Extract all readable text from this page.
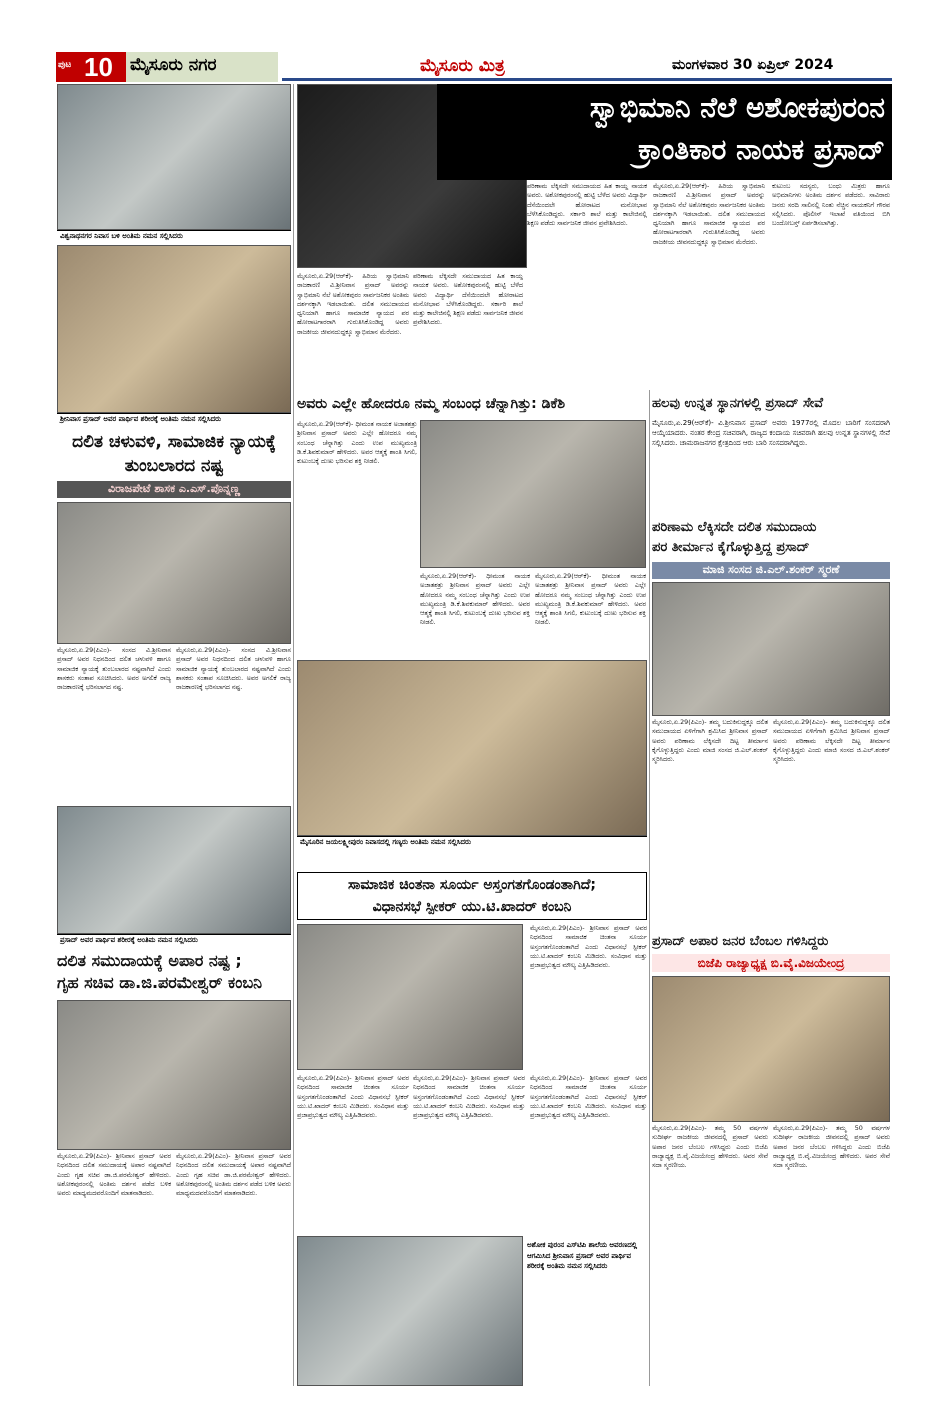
ಪುಟ 10 ಮೈಸೂರು ನಗರ	ಮೈಸೂರು ಮಿತ್ರ	ಮಂಗಳವಾರ 30 ಏಪ್ರಿಲ್ 2024
ಸ್ವಾಭಿಮಾನಿ ನೆಲೆ ಅಶೋಕಪುರಂನ
ಕ್ರಾಂತಿಕಾರ ನಾಯಕ ಪ್ರಸಾದ್
ಪರಿಣಾಮ ಲೆಕ್ಕಿಸದೇ ಸಮುದಾಯದ ಹಿತ ಕಾಯ್ದ ನಾಯಕ ಅವರು. ಅಶೋಕಪುರಂನಲ್ಲಿ ಹುಟ್ಟಿ ಬೆಳೆದ ಅವರು ವಿದ್ಯಾರ್ಥಿ ದೆಸೆಯಿಂದಲೇ ಹೋರಾಟದ ಮನೋಭಾವ ಬೆಳೆಸಿಕೊಂಡಿದ್ದರು. ಸರ್ಕಾರಿ ಶಾಲೆ ಮತ್ತು ಕಾಲೇಜಿನಲ್ಲಿ ಶಿಕ್ಷಣ ಪಡೆದು ಸಾರ್ವಜನಿಕ ಜೀವನ ಪ್ರವೇಶಿಸಿದರು.
ಮೈಸೂರು,ಏ.29(ಆರ್‌ಕೆ)- ಹಿರಿಯ ಸ್ವಾಭಿಮಾನಿ ರಾಜಕಾರಣಿ ವಿ.ಶ್ರೀನಿವಾಸ ಪ್ರಸಾದ್ ಅವರನ್ನು ಸ್ವಾಭಿಮಾನಿ ನೆಲೆ ಅಶೋಕಪುರಂ ಸಾರ್ವಜನಿಕರ ಅಂತಿಮ ದರ್ಶನಕ್ಕಾಗಿ ಇಡಲಾಯಿತು. ದಲಿತ ಸಮುದಾಯದ ಧ್ವನಿಯಾಗಿ ಹಾಗೂ ಸಾಮಾಜಿಕ ನ್ಯಾಯದ ಪರ ಹೋರಾಟಗಾರರಾಗಿ ಗುರುತಿಸಿಕೊಂಡಿದ್ದ ಅವರು ರಾಜಕೀಯ ಜೀವನದುದ್ದಕ್ಕೂ ಸ್ವಾಭಿಮಾನ ಮೆರೆದರು.
ಕುಟುಂಬ ಸದಸ್ಯರು, ಬಂಧು ಮಿತ್ರರು ಹಾಗೂ ಅಭಿಮಾನಿಗಳು ಅಂತಿಮ ದರ್ಶನ ಪಡೆದರು. ಸಾವಿರಾರು ಜನರು ಸರದಿ ಸಾಲಿನಲ್ಲಿ ನಿಂತು ನೆಚ್ಚಿನ ನಾಯಕನಿಗೆ ಗೌರವ ಸಲ್ಲಿಸಿದರು. ಪೊಲೀಸ್ ಇಲಾಖೆ ವತಿಯಿಂದ ಬಿಗಿ ಬಂದೋಬಸ್ತ್ ಏರ್ಪಡಿಸಲಾಗಿತ್ತು.
ಮೈಸೂರು,ಏ.29(ಆರ್‌ಕೆ)- ಹಿರಿಯ ಸ್ವಾಭಿಮಾನಿ ರಾಜಕಾರಣಿ ವಿ.ಶ್ರೀನಿವಾಸ ಪ್ರಸಾದ್ ಅವರನ್ನು ಸ್ವಾಭಿಮಾನಿ ನೆಲೆ ಅಶೋಕಪುರಂ ಸಾರ್ವಜನಿಕರ ಅಂತಿಮ ದರ್ಶನಕ್ಕಾಗಿ ಇಡಲಾಯಿತು. ದಲಿತ ಸಮುದಾಯದ ಧ್ವನಿಯಾಗಿ ಹಾಗೂ ಸಾಮಾಜಿಕ ನ್ಯಾಯದ ಪರ ಹೋರಾಟಗಾರರಾಗಿ ಗುರುತಿಸಿಕೊಂಡಿದ್ದ ಅವರು ರಾಜಕೀಯ ಜೀವನದುದ್ದಕ್ಕೂ ಸ್ವಾಭಿಮಾನ ಮೆರೆದರು.
ಪರಿಣಾಮ ಲೆಕ್ಕಿಸದೇ ಸಮುದಾಯದ ಹಿತ ಕಾಯ್ದ ನಾಯಕ ಅವರು. ಅಶೋಕಪುರಂನಲ್ಲಿ ಹುಟ್ಟಿ ಬೆಳೆದ ಅವರು ವಿದ್ಯಾರ್ಥಿ ದೆಸೆಯಿಂದಲೇ ಹೋರಾಟದ ಮನೋಭಾವ ಬೆಳೆಸಿಕೊಂಡಿದ್ದರು. ಸರ್ಕಾರಿ ಶಾಲೆ ಮತ್ತು ಕಾಲೇಜಿನಲ್ಲಿ ಶಿಕ್ಷಣ ಪಡೆದು ಸಾರ್ವಜನಿಕ ಜೀವನ ಪ್ರವೇಶಿಸಿದರು.
ವಿಶ್ವನಾಥನಗರ ನಿವಾಸ ಬಳಿ ಅಂತಿಮ ನಮನ ಸಲ್ಲಿಸಿದರು
ಶ್ರೀನಿವಾಸ ಪ್ರಸಾದ್ ಅವರ ಪಾರ್ಥಿವ ಶರೀರಕ್ಕೆ ಅಂತಿಮ ನಮನ ಸಲ್ಲಿಸಿದರು
ದಲಿತ ಚಳುವಳಿ, ಸಾಮಾಜಿಕ ನ್ಯಾಯಕ್ಕೆ ತುಂಬಲಾರದ ನಷ್ಟ
ವಿರಾಜಪೇಟೆ ಶಾಸಕ ಎ.ಎಸ್.ಪೊನ್ನಣ್ಣ
ಮೈಸೂರು,ಏ.29(ಪಿಎಂ)- ಸಂಸದ ವಿ.ಶ್ರೀನಿವಾಸ ಪ್ರಸಾದ್ ಅವರ ನಿಧನದಿಂದ ದಲಿತ ಚಳುವಳಿ ಹಾಗೂ ಸಾಮಾಜಿಕ ನ್ಯಾಯಕ್ಕೆ ತುಂಬಲಾರದ ನಷ್ಟವಾಗಿದೆ ಎಂದು ಶಾಸಕರು ಸಂತಾಪ ಸೂಚಿಸಿದರು. ಅವರ ಅಗಲಿಕೆ ರಾಜ್ಯ ರಾಜಕಾರಣಕ್ಕೆ ಭರಿಸಲಾಗದ ನಷ್ಟ.
ಮೈಸೂರು,ಏ.29(ಪಿಎಂ)- ಸಂಸದ ವಿ.ಶ್ರೀನಿವಾಸ ಪ್ರಸಾದ್ ಅವರ ನಿಧನದಿಂದ ದಲಿತ ಚಳುವಳಿ ಹಾಗೂ ಸಾಮಾಜಿಕ ನ್ಯಾಯಕ್ಕೆ ತುಂಬಲಾರದ ನಷ್ಟವಾಗಿದೆ ಎಂದು ಶಾಸಕರು ಸಂತಾಪ ಸೂಚಿಸಿದರು. ಅವರ ಅಗಲಿಕೆ ರಾಜ್ಯ ರಾಜಕಾರಣಕ್ಕೆ ಭರಿಸಲಾಗದ ನಷ್ಟ.
ಪ್ರಸಾದ್ ಅವರ ಪಾರ್ಥಿವ ಶರೀರಕ್ಕೆ ಅಂತಿಮ ನಮನ ಸಲ್ಲಿಸಿದರು
ದಲಿತ ಸಮುದಾಯಕ್ಕೆ ಅಪಾರ ನಷ್ಟ ;
ಗೃಹ ಸಚಿವ ಡಾ.ಜಿ.ಪರಮೇಶ್ವರ್ ಕಂಬನಿ
ಮೈಸೂರು,ಏ.29(ಪಿಎಂ)- ಶ್ರೀನಿವಾಸ ಪ್ರಸಾದ್ ಅವರ ನಿಧನದಿಂದ ದಲಿತ ಸಮುದಾಯಕ್ಕೆ ಅಪಾರ ನಷ್ಟವಾಗಿದೆ ಎಂದು ಗೃಹ ಸಚಿವ ಡಾ.ಜಿ.ಪರಮೇಶ್ವರ್ ಹೇಳಿದರು. ಅಶೋಕಪುರಂನಲ್ಲಿ ಅಂತಿಮ ದರ್ಶನ ಪಡೆದ ಬಳಿಕ ಅವರು ಮಾಧ್ಯಮದವರೊಂದಿಗೆ ಮಾತನಾಡಿದರು.
ಮೈಸೂರು,ಏ.29(ಪಿಎಂ)- ಶ್ರೀನಿವಾಸ ಪ್ರಸಾದ್ ಅವರ ನಿಧನದಿಂದ ದಲಿತ ಸಮುದಾಯಕ್ಕೆ ಅಪಾರ ನಷ್ಟವಾಗಿದೆ ಎಂದು ಗೃಹ ಸಚಿವ ಡಾ.ಜಿ.ಪರಮೇಶ್ವರ್ ಹೇಳಿದರು. ಅಶೋಕಪುರಂನಲ್ಲಿ ಅಂತಿಮ ದರ್ಶನ ಪಡೆದ ಬಳಿಕ ಅವರು ಮಾಧ್ಯಮದವರೊಂದಿಗೆ ಮಾತನಾಡಿದರು.
ಅವರು ಎಲ್ಲೇ ಹೋದರೂ ನಮ್ಮ ಸಂಬಂಧ ಚೆನ್ನಾಗಿತ್ತು: ಡಿಕೆಶಿ
ಮೈಸೂರು,ಏ.29(ಆರ್‌ಕೆ)- ಧೀಮಂತ ನಾಯಕ ಅಜಾತಶತ್ರು ಶ್ರೀನಿವಾಸ ಪ್ರಸಾದ್ ಅವರು ಎಲ್ಲೇ ಹೋದರೂ ನಮ್ಮ ಸಂಬಂಧ ಚೆನ್ನಾಗಿತ್ತು ಎಂದು ಉಪ ಮುಖ್ಯಮಂತ್ರಿ ಡಿ.ಕೆ.ಶಿವಕುಮಾರ್ ಹೇಳಿದರು. ಅವರ ಆತ್ಮಕ್ಕೆ ಶಾಂತಿ ಸಿಗಲಿ, ಕುಟುಂಬಕ್ಕೆ ದುಃಖ ಭರಿಸುವ ಶಕ್ತಿ ನೀಡಲಿ.
ಮೈಸೂರು,ಏ.29(ಆರ್‌ಕೆ)- ಧೀಮಂತ ನಾಯಕ ಅಜಾತಶತ್ರು ಶ್ರೀನಿವಾಸ ಪ್ರಸಾದ್ ಅವರು ಎಲ್ಲೇ ಹೋದರೂ ನಮ್ಮ ಸಂಬಂಧ ಚೆನ್ನಾಗಿತ್ತು ಎಂದು ಉಪ ಮುಖ್ಯಮಂತ್ರಿ ಡಿ.ಕೆ.ಶಿವಕುಮಾರ್ ಹೇಳಿದರು. ಅವರ ಆತ್ಮಕ್ಕೆ ಶಾಂತಿ ಸಿಗಲಿ, ಕುಟುಂಬಕ್ಕೆ ದುಃಖ ಭರಿಸುವ ಶಕ್ತಿ ನೀಡಲಿ.
ಮೈಸೂರು,ಏ.29(ಆರ್‌ಕೆ)- ಧೀಮಂತ ನಾಯಕ ಅಜಾತಶತ್ರು ಶ್ರೀನಿವಾಸ ಪ್ರಸಾದ್ ಅವರು ಎಲ್ಲೇ ಹೋದರೂ ನಮ್ಮ ಸಂಬಂಧ ಚೆನ್ನಾಗಿತ್ತು ಎಂದು ಉಪ ಮುಖ್ಯಮಂತ್ರಿ ಡಿ.ಕೆ.ಶಿವಕುಮಾರ್ ಹೇಳಿದರು. ಅವರ ಆತ್ಮಕ್ಕೆ ಶಾಂತಿ ಸಿಗಲಿ, ಕುಟುಂಬಕ್ಕೆ ದುಃಖ ಭರಿಸುವ ಶಕ್ತಿ ನೀಡಲಿ.
ಮೈಸೂರಿನ ಜಯಲಕ್ಷ್ಮೀಪುರಂ ನಿವಾಸದಲ್ಲಿ ಗಣ್ಯರು ಅಂತಿಮ ನಮನ ಸಲ್ಲಿಸಿದರು
ಸಾಮಾಜಿಕ ಚಿಂತನಾ ಸೂರ್ಯ ಅಸ್ತಂಗತಗೊಂಡಂತಾಗಿದೆ;
ವಿಧಾನಸಭೆ ಸ್ಪೀಕರ್ ಯು.ಟಿ.ಖಾದರ್ ಕಂಬನಿ
ಮೈಸೂರು,ಏ.29(ಪಿಎಂ)- ಶ್ರೀನಿವಾಸ ಪ್ರಸಾದ್ ಅವರ ನಿಧನದಿಂದ ಸಾಮಾಜಿಕ ಚಿಂತನಾ ಸೂರ್ಯ ಅಸ್ತಂಗತಗೊಂಡಂತಾಗಿದೆ ಎಂದು ವಿಧಾನಸಭೆ ಸ್ಪೀಕರ್ ಯು.ಟಿ.ಖಾದರ್ ಕಂಬನಿ ಮಿಡಿದರು. ಸಂವಿಧಾನ ಮತ್ತು ಪ್ರಜಾಪ್ರಭುತ್ವದ ಮೌಲ್ಯ ಎತ್ತಿಹಿಡಿದವರು.
ಮೈಸೂರು,ಏ.29(ಪಿಎಂ)- ಶ್ರೀನಿವಾಸ ಪ್ರಸಾದ್ ಅವರ ನಿಧನದಿಂದ ಸಾಮಾಜಿಕ ಚಿಂತನಾ ಸೂರ್ಯ ಅಸ್ತಂಗತಗೊಂಡಂತಾಗಿದೆ ಎಂದು ವಿಧಾನಸಭೆ ಸ್ಪೀಕರ್ ಯು.ಟಿ.ಖಾದರ್ ಕಂಬನಿ ಮಿಡಿದರು. ಸಂವಿಧಾನ ಮತ್ತು ಪ್ರಜಾಪ್ರಭುತ್ವದ ಮೌಲ್ಯ ಎತ್ತಿಹಿಡಿದವರು.
ಮೈಸೂರು,ಏ.29(ಪಿಎಂ)- ಶ್ರೀನಿವಾಸ ಪ್ರಸಾದ್ ಅವರ ನಿಧನದಿಂದ ಸಾಮಾಜಿಕ ಚಿಂತನಾ ಸೂರ್ಯ ಅಸ್ತಂಗತಗೊಂಡಂತಾಗಿದೆ ಎಂದು ವಿಧಾನಸಭೆ ಸ್ಪೀಕರ್ ಯು.ಟಿ.ಖಾದರ್ ಕಂಬನಿ ಮಿಡಿದರು. ಸಂವಿಧಾನ ಮತ್ತು ಪ್ರಜಾಪ್ರಭುತ್ವದ ಮೌಲ್ಯ ಎತ್ತಿಹಿಡಿದವರು.
ಮೈಸೂರು,ಏ.29(ಪಿಎಂ)- ಶ್ರೀನಿವಾಸ ಪ್ರಸಾದ್ ಅವರ ನಿಧನದಿಂದ ಸಾಮಾಜಿಕ ಚಿಂತನಾ ಸೂರ್ಯ ಅಸ್ತಂಗತಗೊಂಡಂತಾಗಿದೆ ಎಂದು ವಿಧಾನಸಭೆ ಸ್ಪೀಕರ್ ಯು.ಟಿ.ಖಾದರ್ ಕಂಬನಿ ಮಿಡಿದರು. ಸಂವಿಧಾನ ಮತ್ತು ಪ್ರಜಾಪ್ರಭುತ್ವದ ಮೌಲ್ಯ ಎತ್ತಿಹಿಡಿದವರು.
ಅಶೋಕ ಪುರಂನ ಎಸ್‌ಟಿಪಿ ಶಾಲೆಯ ಆವರಣದಲ್ಲಿ ಆಗಮಿಸಿದ ಶ್ರೀನಿವಾಸ ಪ್ರಸಾದ್ ಅವರ ಪಾರ್ಥಿವ ಶರೀರಕ್ಕೆ ಅಂತಿಮ ನಮನ ಸಲ್ಲಿಸಿದರು
ಹಲವು ಉನ್ನತ ಸ್ಥಾನಗಳಲ್ಲಿ ಪ್ರಸಾದ್ ಸೇವೆ
ಮೈಸೂರು,ಏ.29(ಆರ್‌ಕೆ)- ವಿ.ಶ್ರೀನಿವಾಸ ಪ್ರಸಾದ್ ಅವರು 1977ರಲ್ಲಿ ಮೊದಲ ಬಾರಿಗೆ ಸಂಸದರಾಗಿ ಆಯ್ಕೆಯಾದರು. ನಂತರ ಕೇಂದ್ರ ಸಚಿವರಾಗಿ, ರಾಜ್ಯದ ಕಂದಾಯ ಸಚಿವರಾಗಿ ಹಲವು ಉನ್ನತ ಸ್ಥಾನಗಳಲ್ಲಿ ಸೇವೆ ಸಲ್ಲಿಸಿದರು. ಚಾಮರಾಜನಗರ ಕ್ಷೇತ್ರದಿಂದ ಆರು ಬಾರಿ ಸಂಸದರಾಗಿದ್ದರು.
ಪರಿಣಾಮ ಲೆಕ್ಕಿಸದೇ ದಲಿತ ಸಮುದಾಯ
ಪರ ತೀರ್ಮಾನ ಕೈಗೊಳ್ಳುತ್ತಿದ್ದ ಪ್ರಸಾದ್
ಮಾಜಿ ಸಂಸದ ಜಿ.ಎಲ್.ಶಂಕರ್ ಸ್ಮರಣೆ
ಮೈಸೂರು,ಏ.29(ಪಿಎಂ)- ತಮ್ಮ ಬದುಕಿನುದ್ದಕ್ಕೂ ದಲಿತ ಸಮುದಾಯದ ಏಳಿಗೆಗಾಗಿ ಶ್ರಮಿಸಿದ ಶ್ರೀನಿವಾಸ ಪ್ರಸಾದ್ ಅವರು ಪರಿಣಾಮ ಲೆಕ್ಕಿಸದೇ ದಿಟ್ಟ ತೀರ್ಮಾನ ಕೈಗೊಳ್ಳುತ್ತಿದ್ದರು ಎಂದು ಮಾಜಿ ಸಂಸದ ಜಿ.ಎಲ್.ಶಂಕರ್ ಸ್ಮರಿಸಿದರು.
ಮೈಸೂರು,ಏ.29(ಪಿಎಂ)- ತಮ್ಮ ಬದುಕಿನುದ್ದಕ್ಕೂ ದಲಿತ ಸಮುದಾಯದ ಏಳಿಗೆಗಾಗಿ ಶ್ರಮಿಸಿದ ಶ್ರೀನಿವಾಸ ಪ್ರಸಾದ್ ಅವರು ಪರಿಣಾಮ ಲೆಕ್ಕಿಸದೇ ದಿಟ್ಟ ತೀರ್ಮಾನ ಕೈಗೊಳ್ಳುತ್ತಿದ್ದರು ಎಂದು ಮಾಜಿ ಸಂಸದ ಜಿ.ಎಲ್.ಶಂಕರ್ ಸ್ಮರಿಸಿದರು.
ಪ್ರಸಾದ್ ಅಪಾರ ಜನರ ಬೆಂಬಲ ಗಳಿಸಿದ್ದರು
ಬಿಜೆಪಿ ರಾಜ್ಯಾಧ್ಯಕ್ಷ ಬಿ.ವೈ.ವಿಜಯೇಂದ್ರ
ಮೈಸೂರು,ಏ.29(ಪಿಎಂ)- ತಮ್ಮ 50 ವರ್ಷಗಳ ಸುದೀರ್ಘ ರಾಜಕೀಯ ಜೀವನದಲ್ಲಿ ಪ್ರಸಾದ್ ಅವರು ಅಪಾರ ಜನರ ಬೆಂಬಲ ಗಳಿಸಿದ್ದರು ಎಂದು ಬಿಜೆಪಿ ರಾಜ್ಯಾಧ್ಯಕ್ಷ ಬಿ.ವೈ.ವಿಜಯೇಂದ್ರ ಹೇಳಿದರು. ಅವರ ಸೇವೆ ಸದಾ ಸ್ಮರಣೀಯ.
ಮೈಸೂರು,ಏ.29(ಪಿಎಂ)- ತಮ್ಮ 50 ವರ್ಷಗಳ ಸುದೀರ್ಘ ರಾಜಕೀಯ ಜೀವನದಲ್ಲಿ ಪ್ರಸಾದ್ ಅವರು ಅಪಾರ ಜನರ ಬೆಂಬಲ ಗಳಿಸಿದ್ದರು ಎಂದು ಬಿಜೆಪಿ ರಾಜ್ಯಾಧ್ಯಕ್ಷ ಬಿ.ವೈ.ವಿಜಯೇಂದ್ರ ಹೇಳಿದರು. ಅವರ ಸೇವೆ ಸದಾ ಸ್ಮರಣೀಯ.
